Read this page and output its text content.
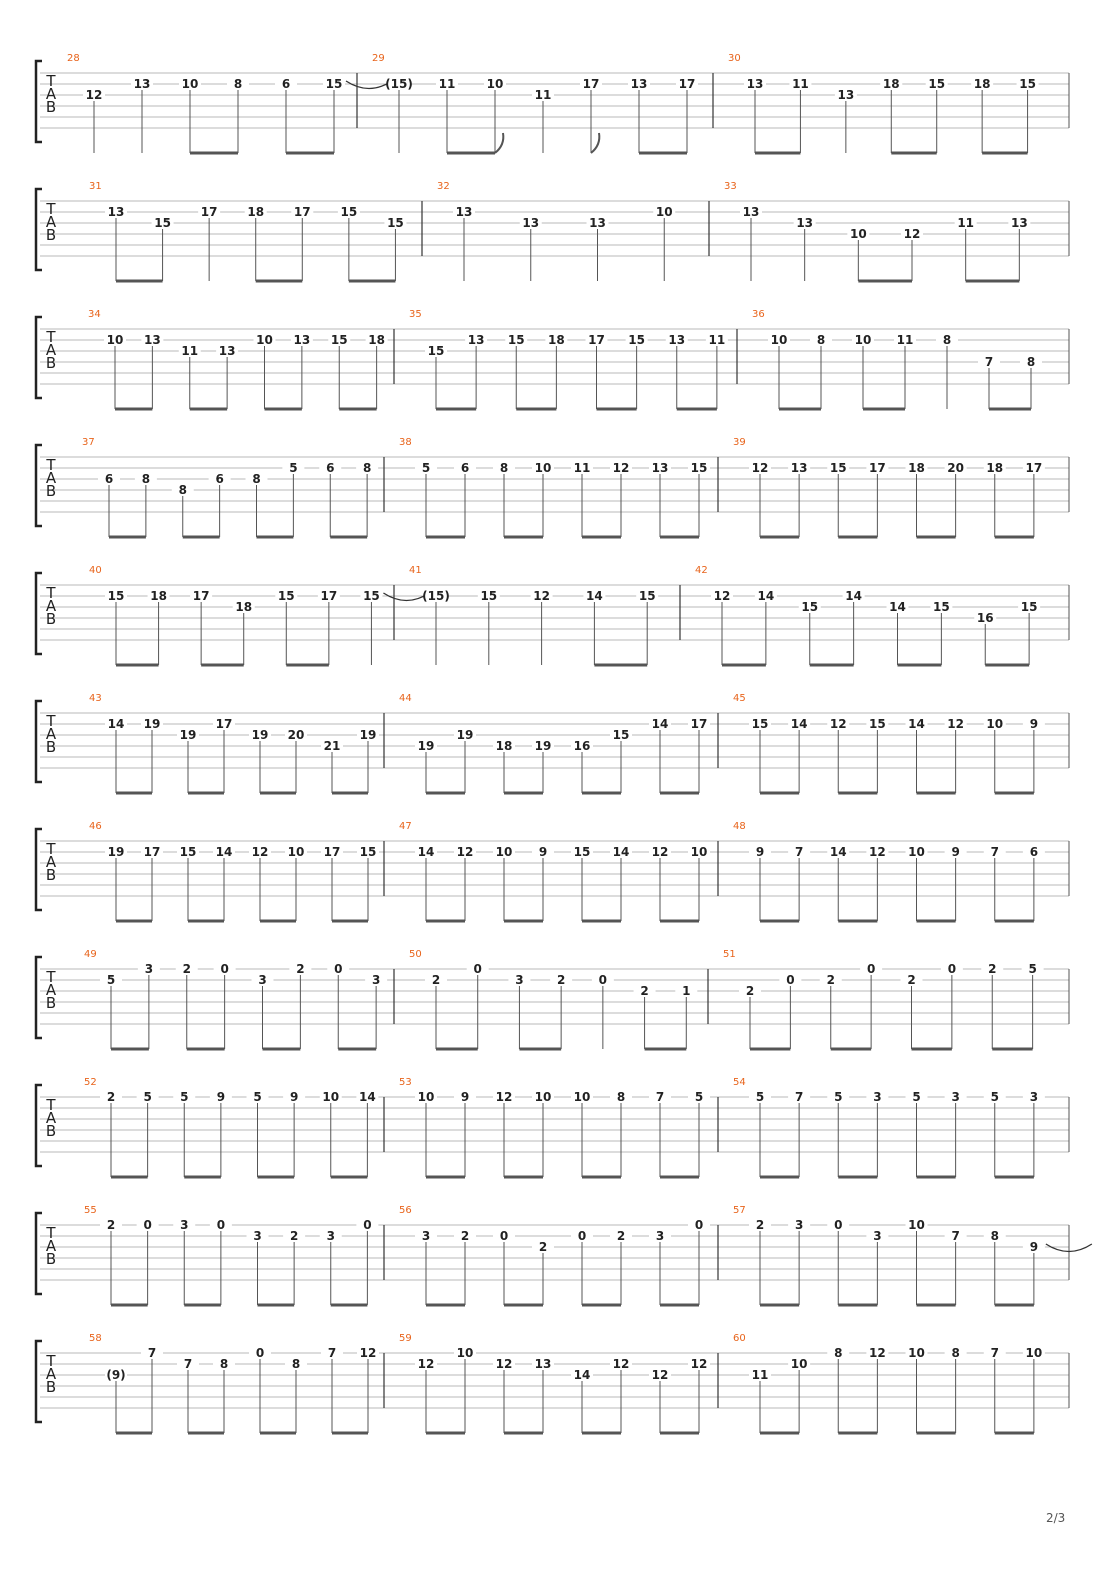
T
A
B
28
12
13	10	8	6	15
29
(15) 11	10
11
17	13	17
30
13 11
13
18 15 18 15
T
A
B
31
13
15
17 18 17 15
15
32
13
13	13
10
33
13
13
10	12
11	13
T
A
B
34
10 13
11 13
10 13 15 18
35
15
13 15 18 17 15 13 11
36
10 8 10 11 8
7	8
T
A
B
37
6 8
8
6 8
5 6 8
38
5	6	8 10 11 12 13 15
39
12 13 15 17 18 20 18 17
T
A
B
40
15 18 17
18
15 17 15
41
(15)	15	12	14	15
42
12 14
15
14
14 15
16
15
T
A
B
43
14 19
19
17
19 20
21
19
44
19
19
18 19 16
15
14 17
45
15 14 12 15 14 12 10 9
T
A
B
46
19 17 15 14 12 10 17 15
47
14 12 10 9 15 14 12 10
48
9	7 14 12 10 9	7	6
T
A
B
49
5
3 2 0
3
2 0
3
50
2
0
3	2	0
2	1
51
2
0	2
0
2
0	2	5
T
A
B
52
2 5 5 9 5 9 10 14
53
10 9 12 10 10 8	7	5
54
5	7	5	3	5	3	5	3
T
A
B
55
2 0 3 0
3 2 3
0
56
3	2	0
2
0	2	3
0
57
2	3	0
3
10
7	8
9
T
A
B
58
(9)
7
7 8
0
8
7 12
59
12
10
12 13
14
12
12
12
60
11
10
8 12 10 8	7 10
2/3
